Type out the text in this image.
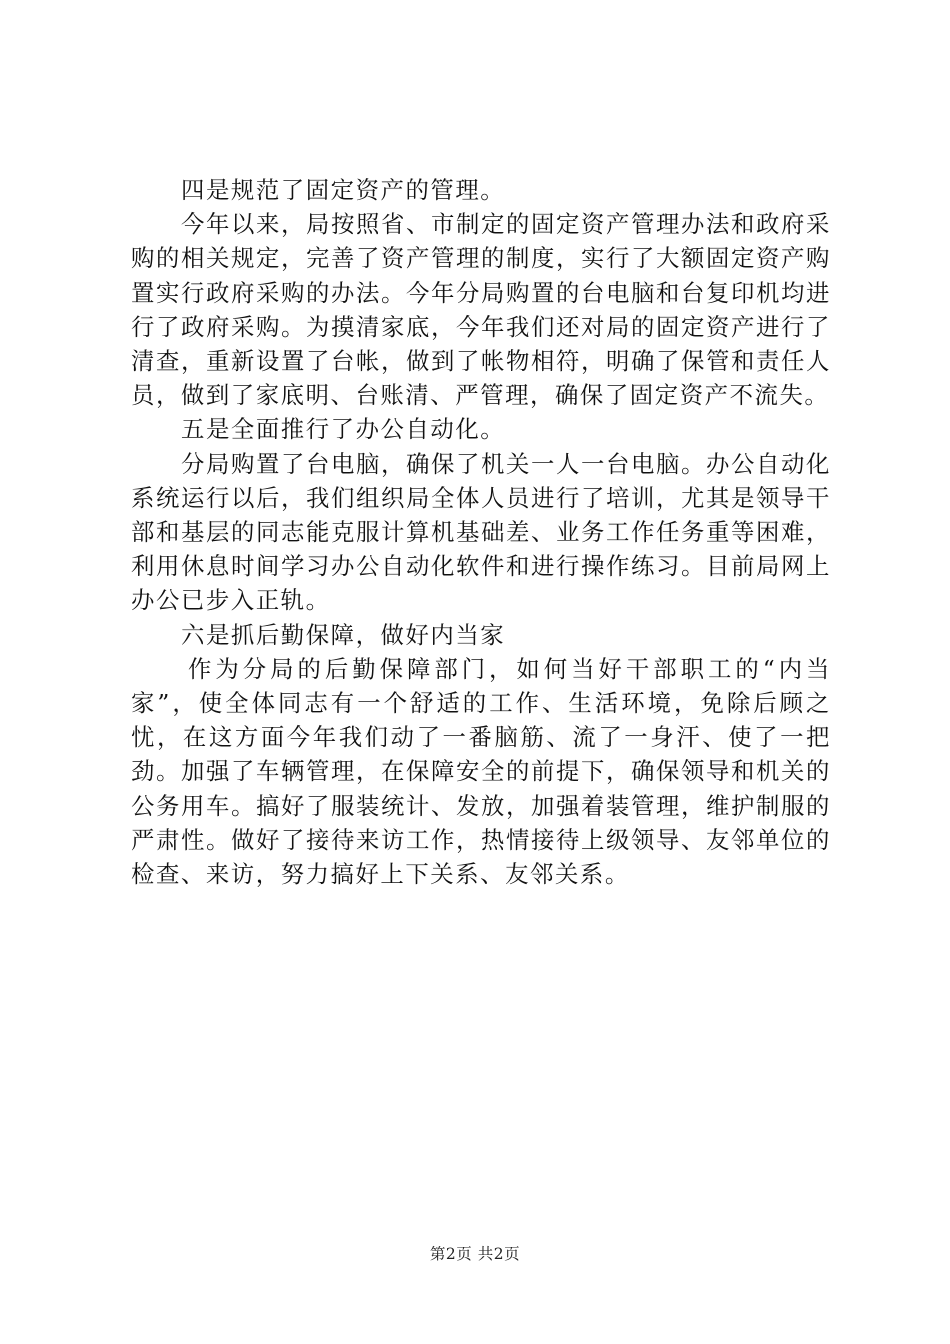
四是规范了固定资产的管理。

今年以来，局按照省、市制定的固定资产管理办法和政府采购的相关规定，完善了资产管理的制度，实行了大额固定资产购置实行政府采购的办法。今年分局购置的台电脑和台复印机均进行了政府采购。为摸清家底，今年我们还对局的固定资产进行了清查，重新设置了台帐，做到了帐物相符，明确了保管和责任人员，做到了家底明、台账清、严管理，确保了固定资产不流失。

五是全面推行了办公自动化。

分局购置了台电脑，确保了机关一人一台电脑。办公自动化系统运行以后，我们组织局全体人员进行了培训，尤其是领导干部和基层的同志能克服计算机基础差、业务工作任务重等困难，利用休息时间学习办公自动化软件和进行操作练习。目前局网上办公已步入正轨。

六是抓后勤保障，做好内当家

作为分局的后勤保障部门，如何当好干部职工的“内当家”，使全体同志有一个舒适的工作、生活环境，免除后顾之忧，在这方面今年我们动了一番脑筋、流了一身汗、使了一把劲。加强了车辆管理，在保障安全的前提下，确保领导和机关的公务用车。搞好了服装统计、发放，加强着装管理，维护制服的严肃性。做好了接待来访工作，热情接待上级领导、友邻单位的检查、来访，努力搞好上下关系、友邻关系。

第2页 共2页
